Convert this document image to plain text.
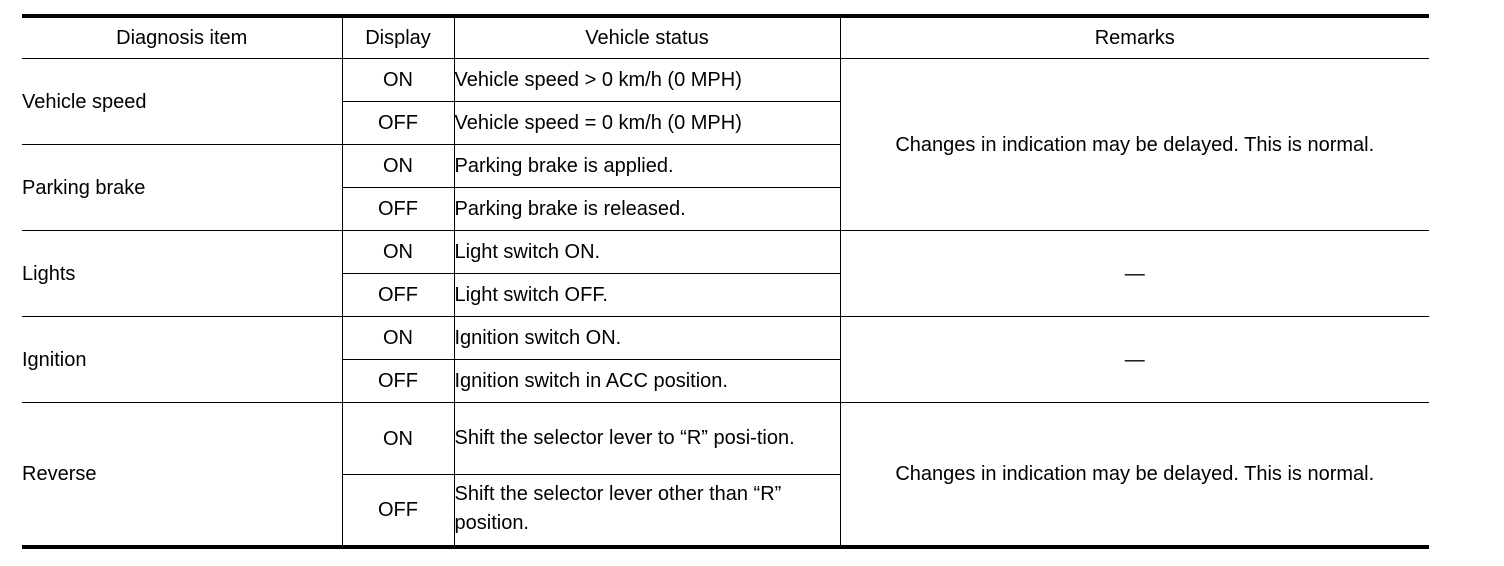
Diagnosis item	Display	Vehicle status	Remarks
Vehicle speed	ON	Vehicle speed > 0 km/h (0 MPH)	Changes in indication may be delayed. This is normal.
	OFF	Vehicle speed = 0 km/h (0 MPH)	
Parking brake	ON	Parking brake is applied.	
	OFF	Parking brake is released.	
Lights	ON	Light switch ON.	—
	OFF	Light switch OFF.	
Ignition	ON	Ignition switch ON.	—
	OFF	Ignition switch in ACC position.	
Reverse	ON	Shift the selector lever to “R” posi-tion.	Changes in indication may be delayed. This is normal.
	OFF	Shift the selector lever other than “R” position.	
